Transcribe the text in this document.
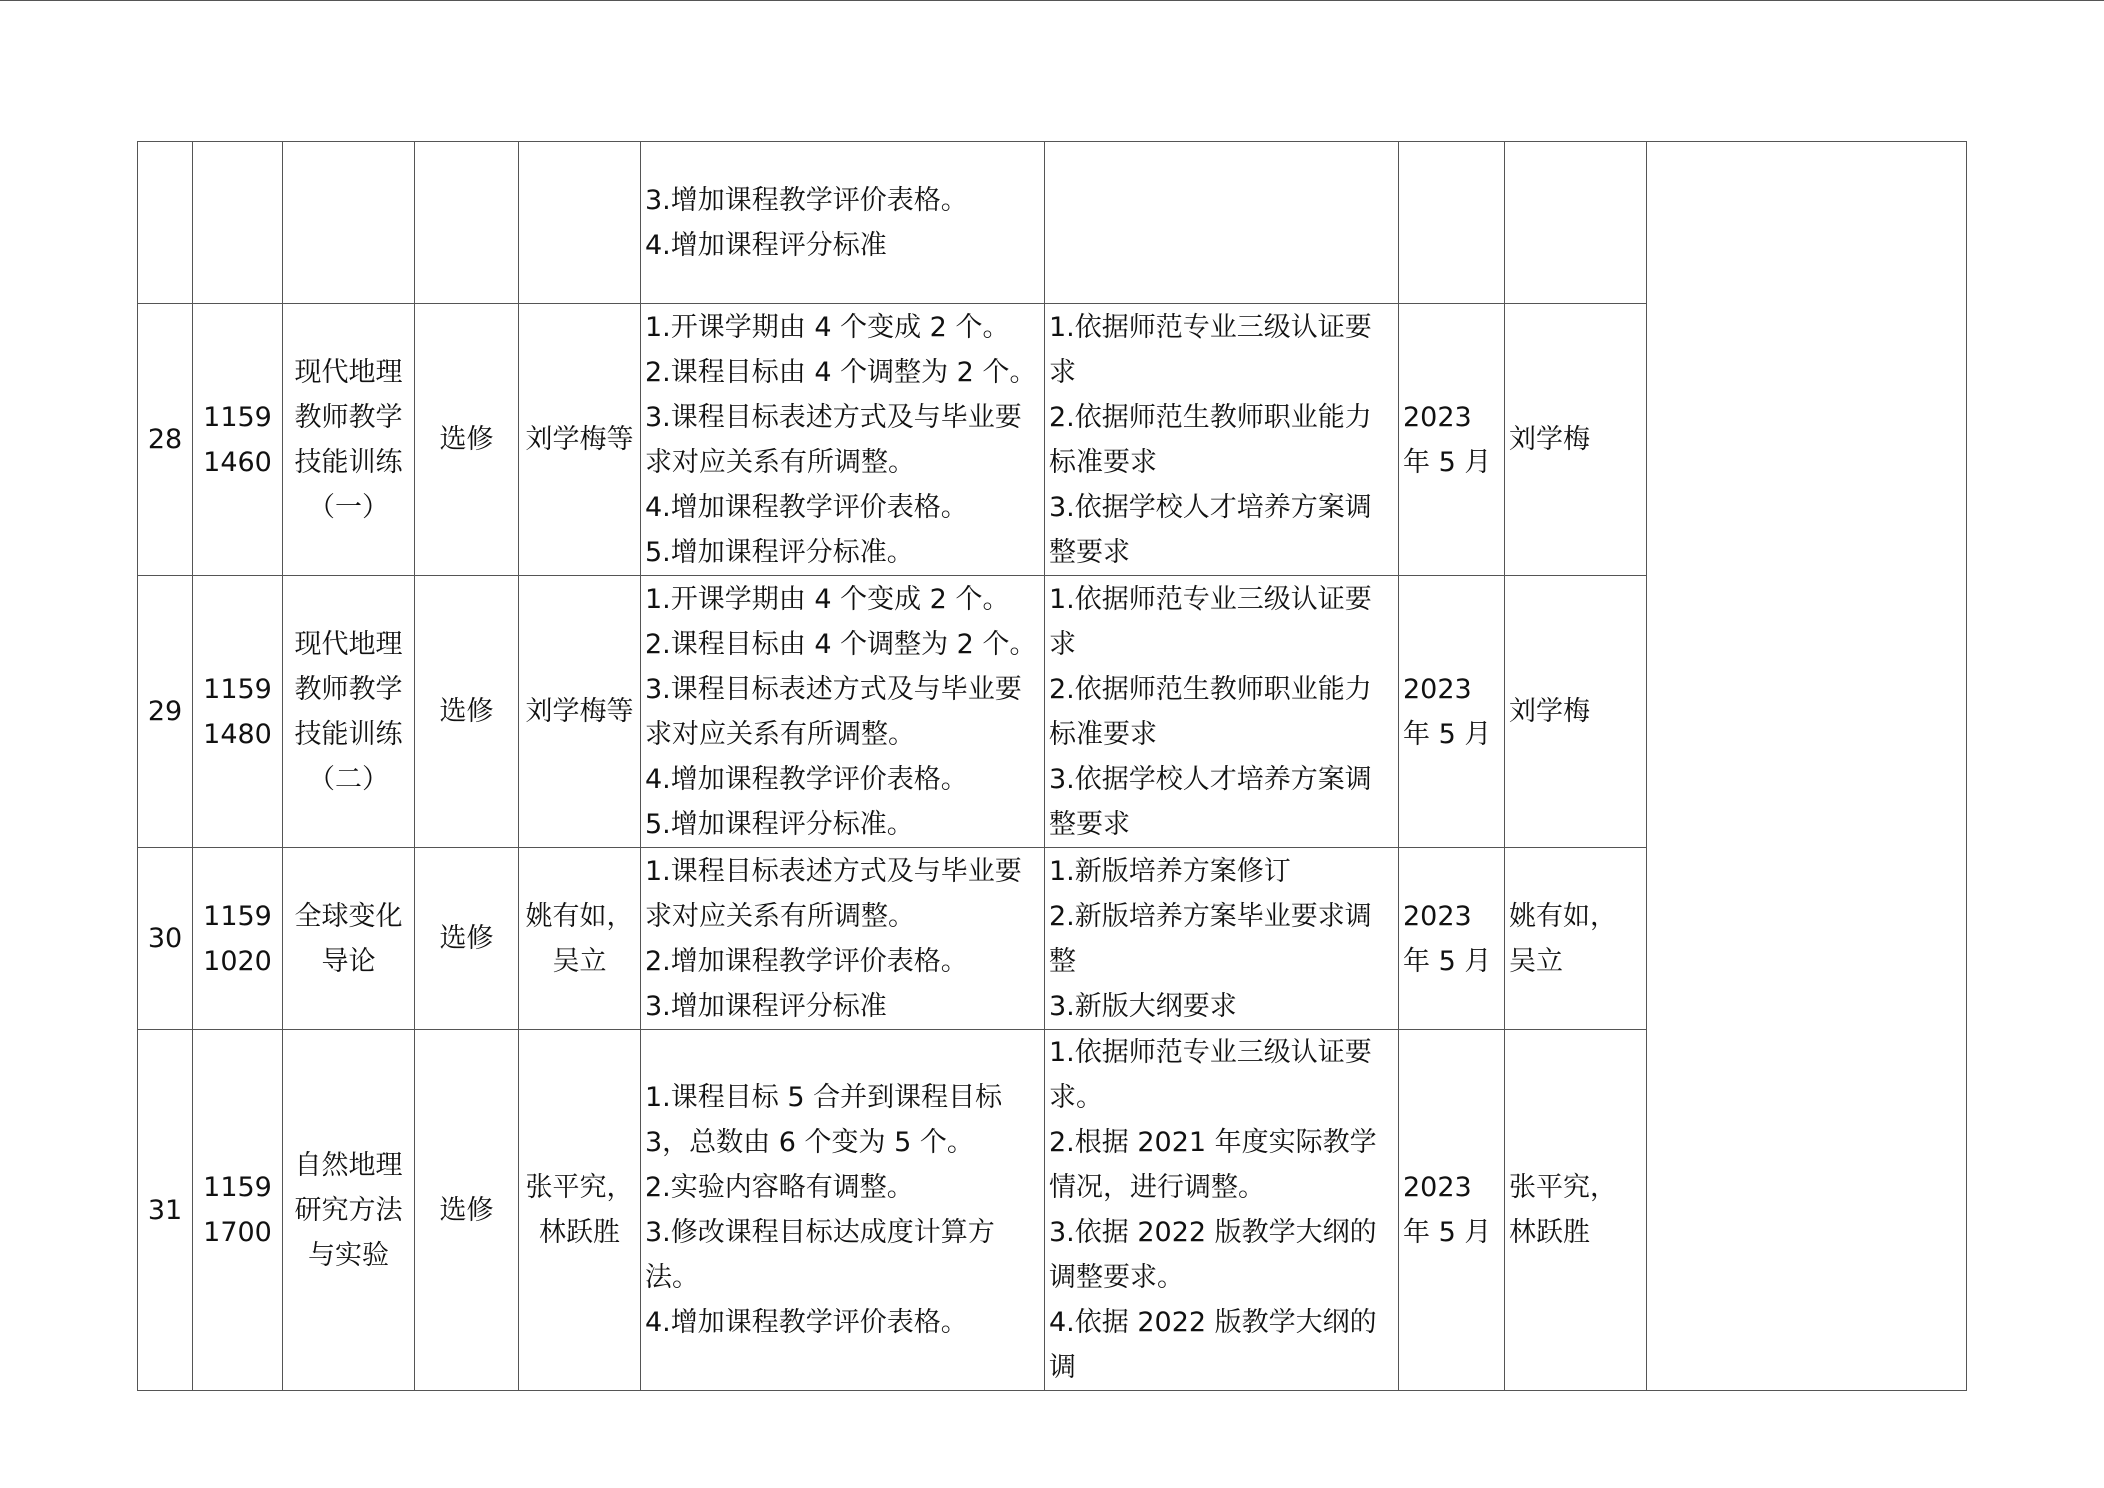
					3.增加课程教学评价表格。
4.增加课程评分标准				

28	11591460	现代地理教师教学技能训练（一）	选修	刘学梅等	1.开课学期由 4 个变成 2 个。
2.课程目标由 4 个调整为 2 个。
3.课程目标表述方式及与毕业要求对应关系有所调整。
4.增加课程教学评价表格。
5.增加课程评分标准。	1.依据师范专业三级认证要求
2.依据师范生教师职业能力标准要求
3.依据学校人才培养方案调整要求	2023 年 5 月	刘学梅	
29	11591480	现代地理教师教学技能训练（二）	选修	刘学梅等	1.开课学期由 4 个变成 2 个。
2.课程目标由 4 个调整为 2 个。
3.课程目标表述方式及与毕业要求对应关系有所调整。
4.增加课程教学评价表格。
5.增加课程评分标准。	1.依据师范专业三级认证要求
2.依据师范生教师职业能力标准要求
3.依据学校人才培养方案调整要求	2023 年 5 月	刘学梅	
30	11591020	全球变化导论	选修	姚有如，吴立	1.课程目标表述方式及与毕业要求对应关系有所调整。
2.增加课程教学评价表格。
3.增加课程评分标准	1.新版培养方案修订
2.新版培养方案毕业要求调整
3.新版大纲要求	2023 年 5 月	姚有如，吴立	
31	11591700	自然地理研究方法与实验	选修	张平究，林跃胜	1.课程目标 5 合并到课程目标 3，总数由 6 个变为 5 个。
2.实验内容略有调整。
3.修改课程目标达成度计算方法。
4.增加课程教学评价表格。	1.依据师范专业三级认证要求。
2.根据 2021 年度实际教学情况，进行调整。
3.依据 2022 版教学大纲的调整要求。
4.依据 2022 版教学大纲的调	2023 年 5 月	张平究，林跃胜	
